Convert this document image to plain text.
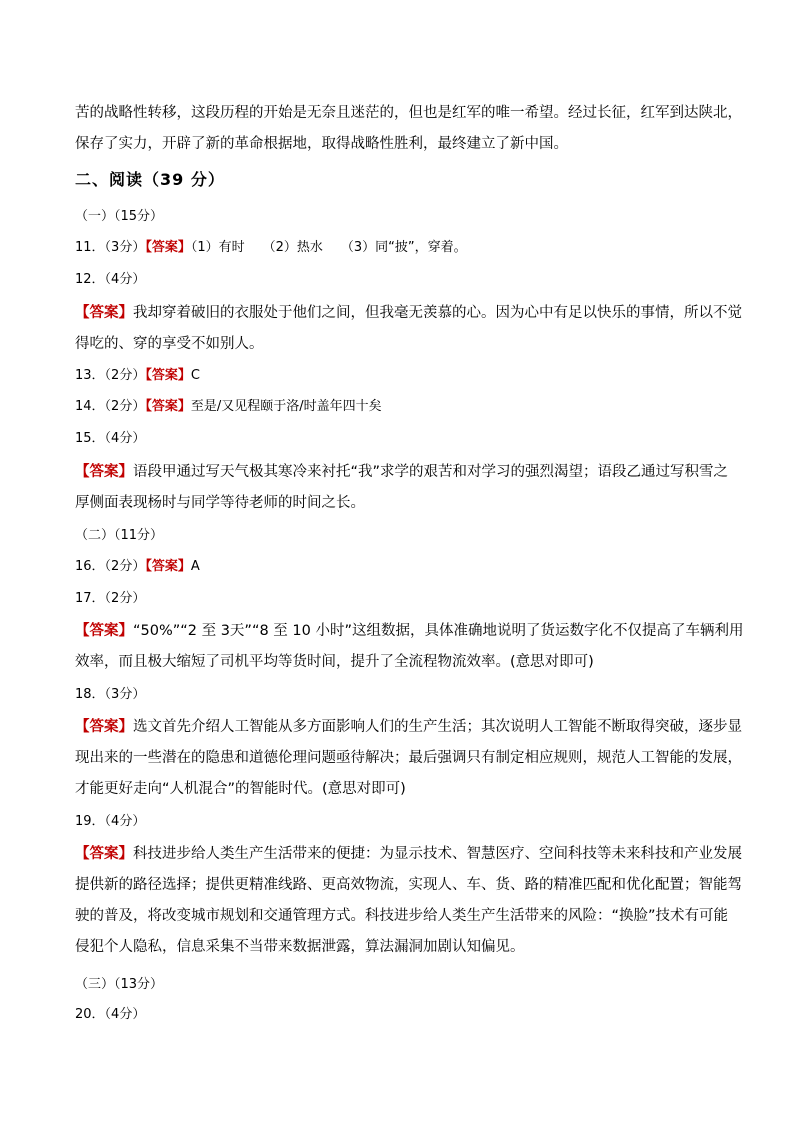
苦的战略性转移，这段历程的开始是无奈且迷茫的，但也是红军的唯一希望。经过长征，红军到达陕北，
保存了实力，开辟了新的革命根据地，取得战略性胜利，最终建立了新中国。
二、阅读（39 分）
（一）（15分）
11．（3分）【答案】（1）有时 （2）热水 （3）同“披”，穿着。
12．（4分）
【答案】我却穿着破旧的衣服处于他们之间，但我毫无羡慕的心。因为心中有足以快乐的事情，所以不觉
得吃的、穿的享受不如别人。
13．（2分）【答案】C
14．（2分）【答案】至是/又见程颐于洛/时盖年四十矣
15．（4分）
【答案】语段甲通过写天气极其寒冷来衬托“我”求学的艰苦和对学习的强烈渴望；语段乙通过写积雪之
厚侧面表现杨时与同学等待老师的时间之长。
（二）（11分）
16．（2分）【答案】A
17．（2分）
【答案】“50%”“2 至 3天”“8 至 10 小时”这组数据，具体准确地说明了货运数字化不仅提高了车辆利用
效率，而且极大缩短了司机平均等货时间，提升了全流程物流效率。(意思对即可)
18．（3分）
【答案】选文首先介绍人工智能从多方面影响人们的生产生活；其次说明人工智能不断取得突破，逐步显
现出来的一些潜在的隐患和道德伦理问题亟待解决；最后强调只有制定相应规则，规范人工智能的发展，
才能更好走向“人机混合”的智能时代。(意思对即可)
19．（4分）
【答案】科技进步给人类生产生活带来的便捷：为显示技术、智慧医疗、空间科技等未来科技和产业发展
提供新的路径选择；提供更精准线路、更高效物流，实现人、车、货、路的精准匹配和优化配置；智能驾
驶的普及，将改变城市规划和交通管理方式。科技进步给人类生产生活带来的风险：“换脸”技术有可能
侵犯个人隐私，信息采集不当带来数据泄露，算法漏洞加剧认知偏见。
（三）（13分）
20．（4分）
